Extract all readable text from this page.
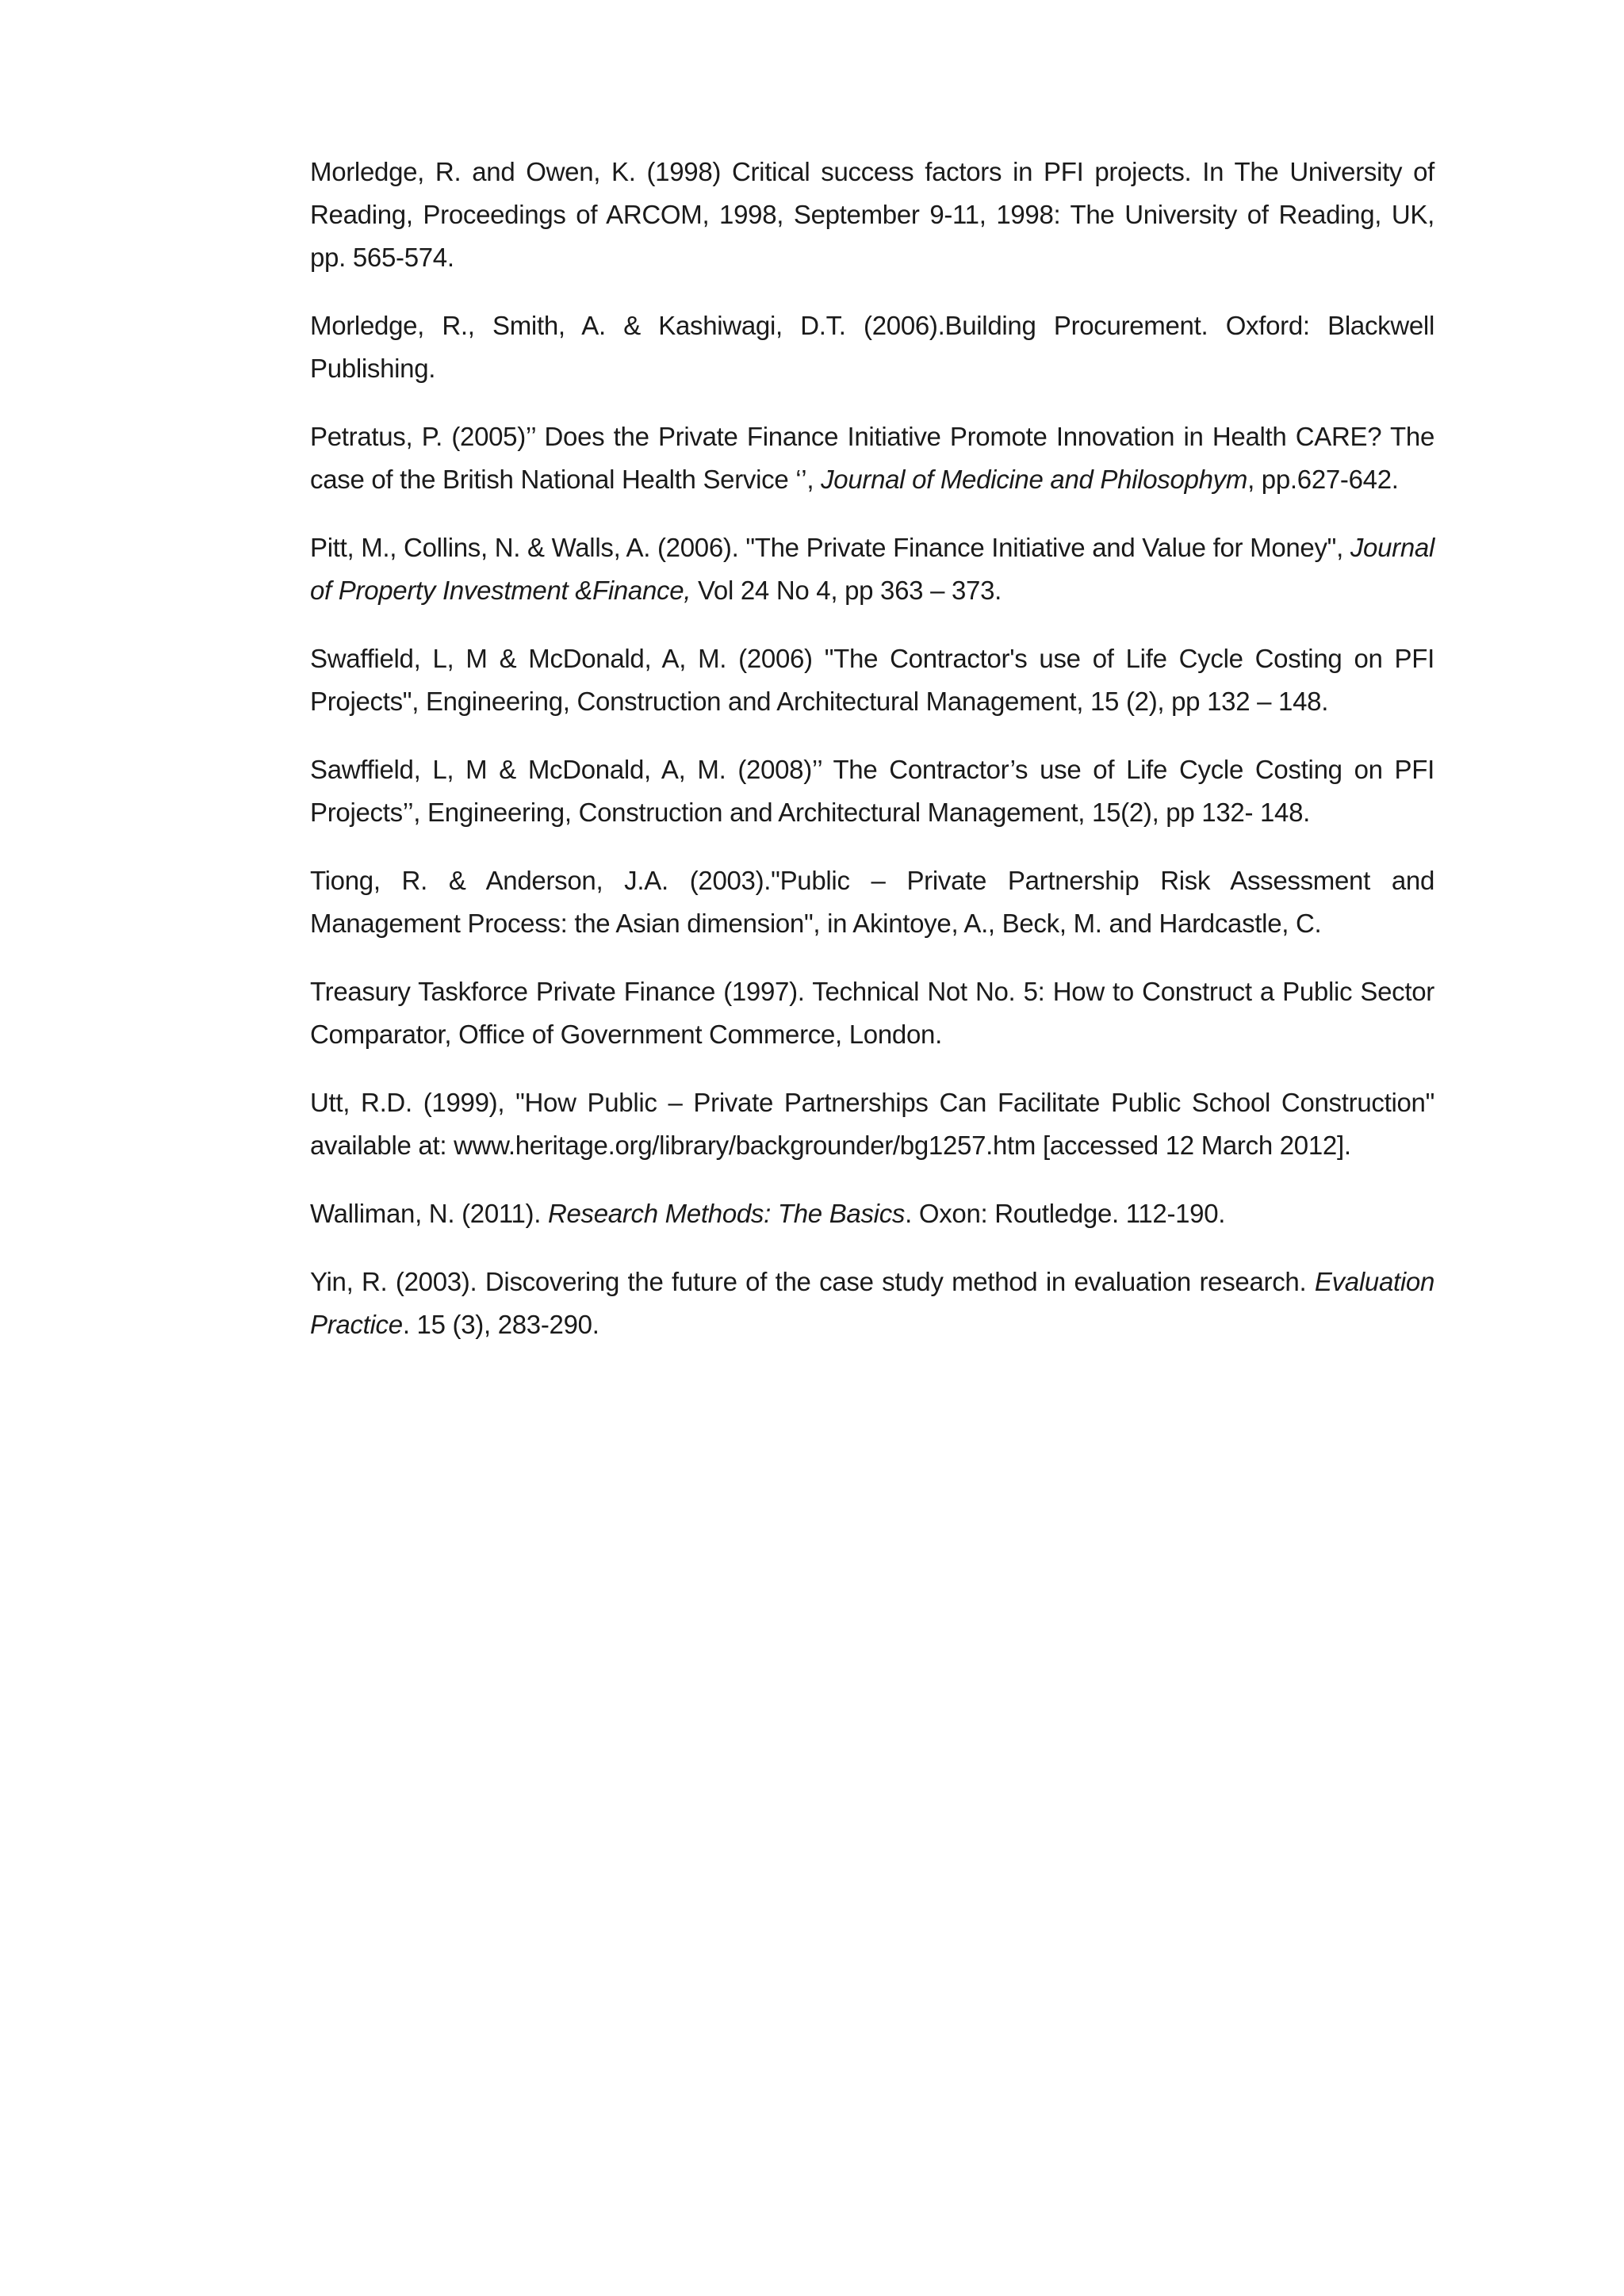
Morledge, R. and Owen, K. (1998) Critical success factors in PFI projects. In The University of Reading, Proceedings of ARCOM, 1998, September 9-11, 1998: The University of Reading, UK, pp. 565-574.

Morledge, R., Smith, A. & Kashiwagi, D.T. (2006).Building Procurement. Oxford: Blackwell Publishing.

Petratus, P. (2005)’’ Does the Private Finance Initiative Promote Innovation in Health CARE? The case of the British National Health Service ‘’, Journal of Medicine and Philosophym, pp.627-642.

Pitt, M., Collins, N. & Walls, A. (2006). "The Private Finance Initiative and Value for Money", Journal of Property Investment &Finance, Vol 24 No 4, pp 363 – 373.

Swaffield, L, M & McDonald, A, M. (2006) "The Contractor's use of Life Cycle Costing on PFI Projects", Engineering, Construction and Architectural Management, 15 (2), pp 132 – 148.

Sawffield, L, M & McDonald, A, M. (2008)’’ The Contractor’s use of Life Cycle Costing on PFI Projects’’, Engineering, Construction and Architectural Management, 15(2), pp 132- 148.

Tiong, R. & Anderson, J.A. (2003)."Public – Private Partnership Risk Assessment and Management Process: the Asian dimension", in Akintoye, A., Beck, M. and Hardcastle, C.

Treasury Taskforce Private Finance (1997). Technical Not No. 5: How to Construct a Public Sector Comparator, Office of Government Commerce, London.

Utt, R.D. (1999), "How Public – Private Partnerships Can Facilitate Public School Construction" available at: www.heritage.org/library/backgrounder/bg1257.htm [accessed 12 March 2012].

Walliman, N. (2011). Research Methods: The Basics. Oxon: Routledge. 112-190.

Yin, R. (2003). Discovering the future of the case study method in evaluation research. Evaluation Practice. 15 (3), 283-290.
